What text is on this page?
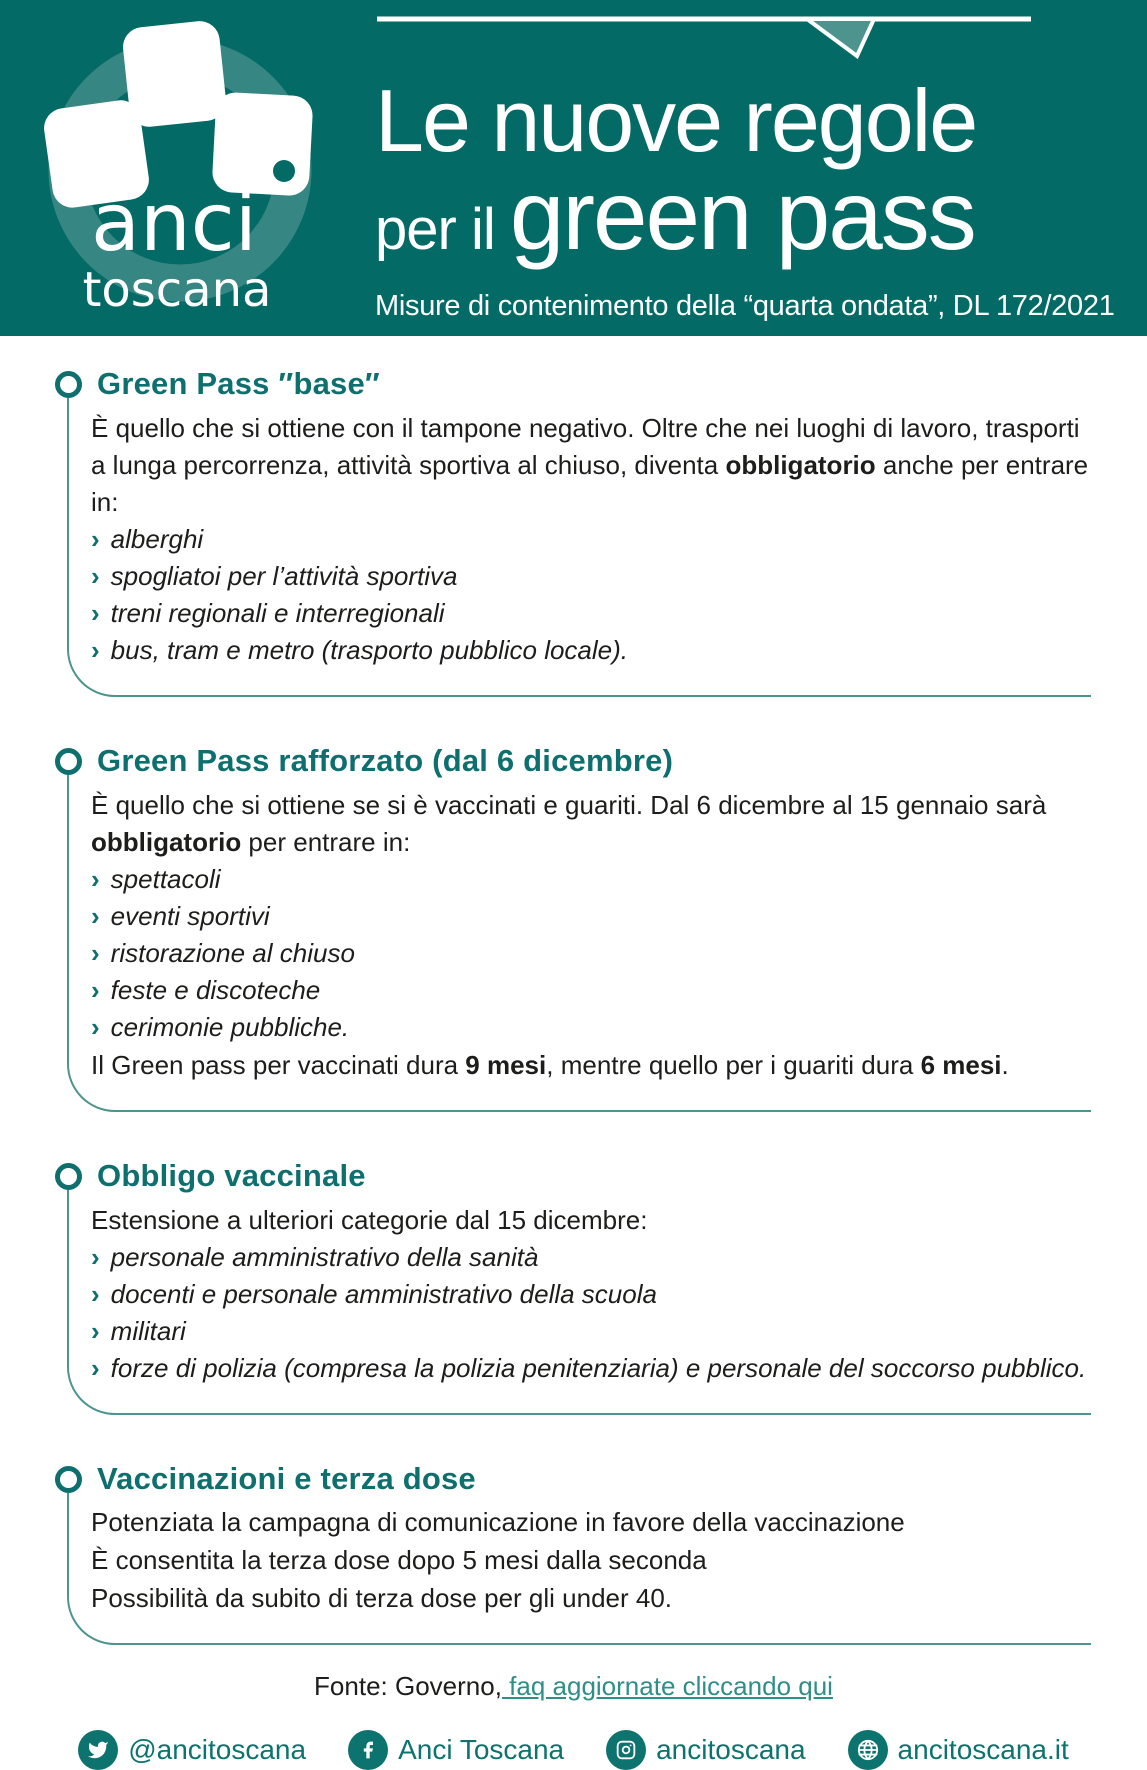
anci
toscana
Le nuove regole
per il green pass
Misure di contenimento della “quarta ondata”, DL 172/2021
Green Pass ″base″

È quello che si ottiene con il tampone negativo. Oltre che nei luoghi di lavoro, trasporti a lunga percorrenza, attività sportiva al chiuso, diventa obbligatorio anche per entrare in:

› alberghi
› spogliatoi per l’attività sportiva
› treni regionali e interregionali
› bus, tram e metro (trasporto pubblico locale).
Green Pass rafforzato (dal 6 dicembre)

È quello che si ottiene se si è vaccinati e guariti. Dal 6 dicembre al 15 gennaio sarà obbligatorio per entrare in:

› spettacoli
› eventi sportivi
› ristorazione al chiuso
› feste e discoteche
› cerimonie pubbliche.
Il Green pass per vaccinati dura 9 mesi, mentre quello per i guariti dura 6 mesi.
Obbligo vaccinale

Estensione a ulteriori categorie dal 15 dicembre:

› personale amministrativo della sanità
› docenti e personale amministrativo della scuola
› militari
› forze di polizia (compresa la polizia penitenziaria) e personale del soccorso pubblico.
Vaccinazioni e terza dose
Potenziata la campagna di comunicazione in favore della vaccinazione
È consentita la terza dose dopo 5 mesi dalla seconda
Possibilità da subito di terza dose per gli under 40.
Fonte: Governo, faq aggiornate cliccando qui
@ancitoscana	Anci Toscana	ancitoscana	ancitoscana.it
